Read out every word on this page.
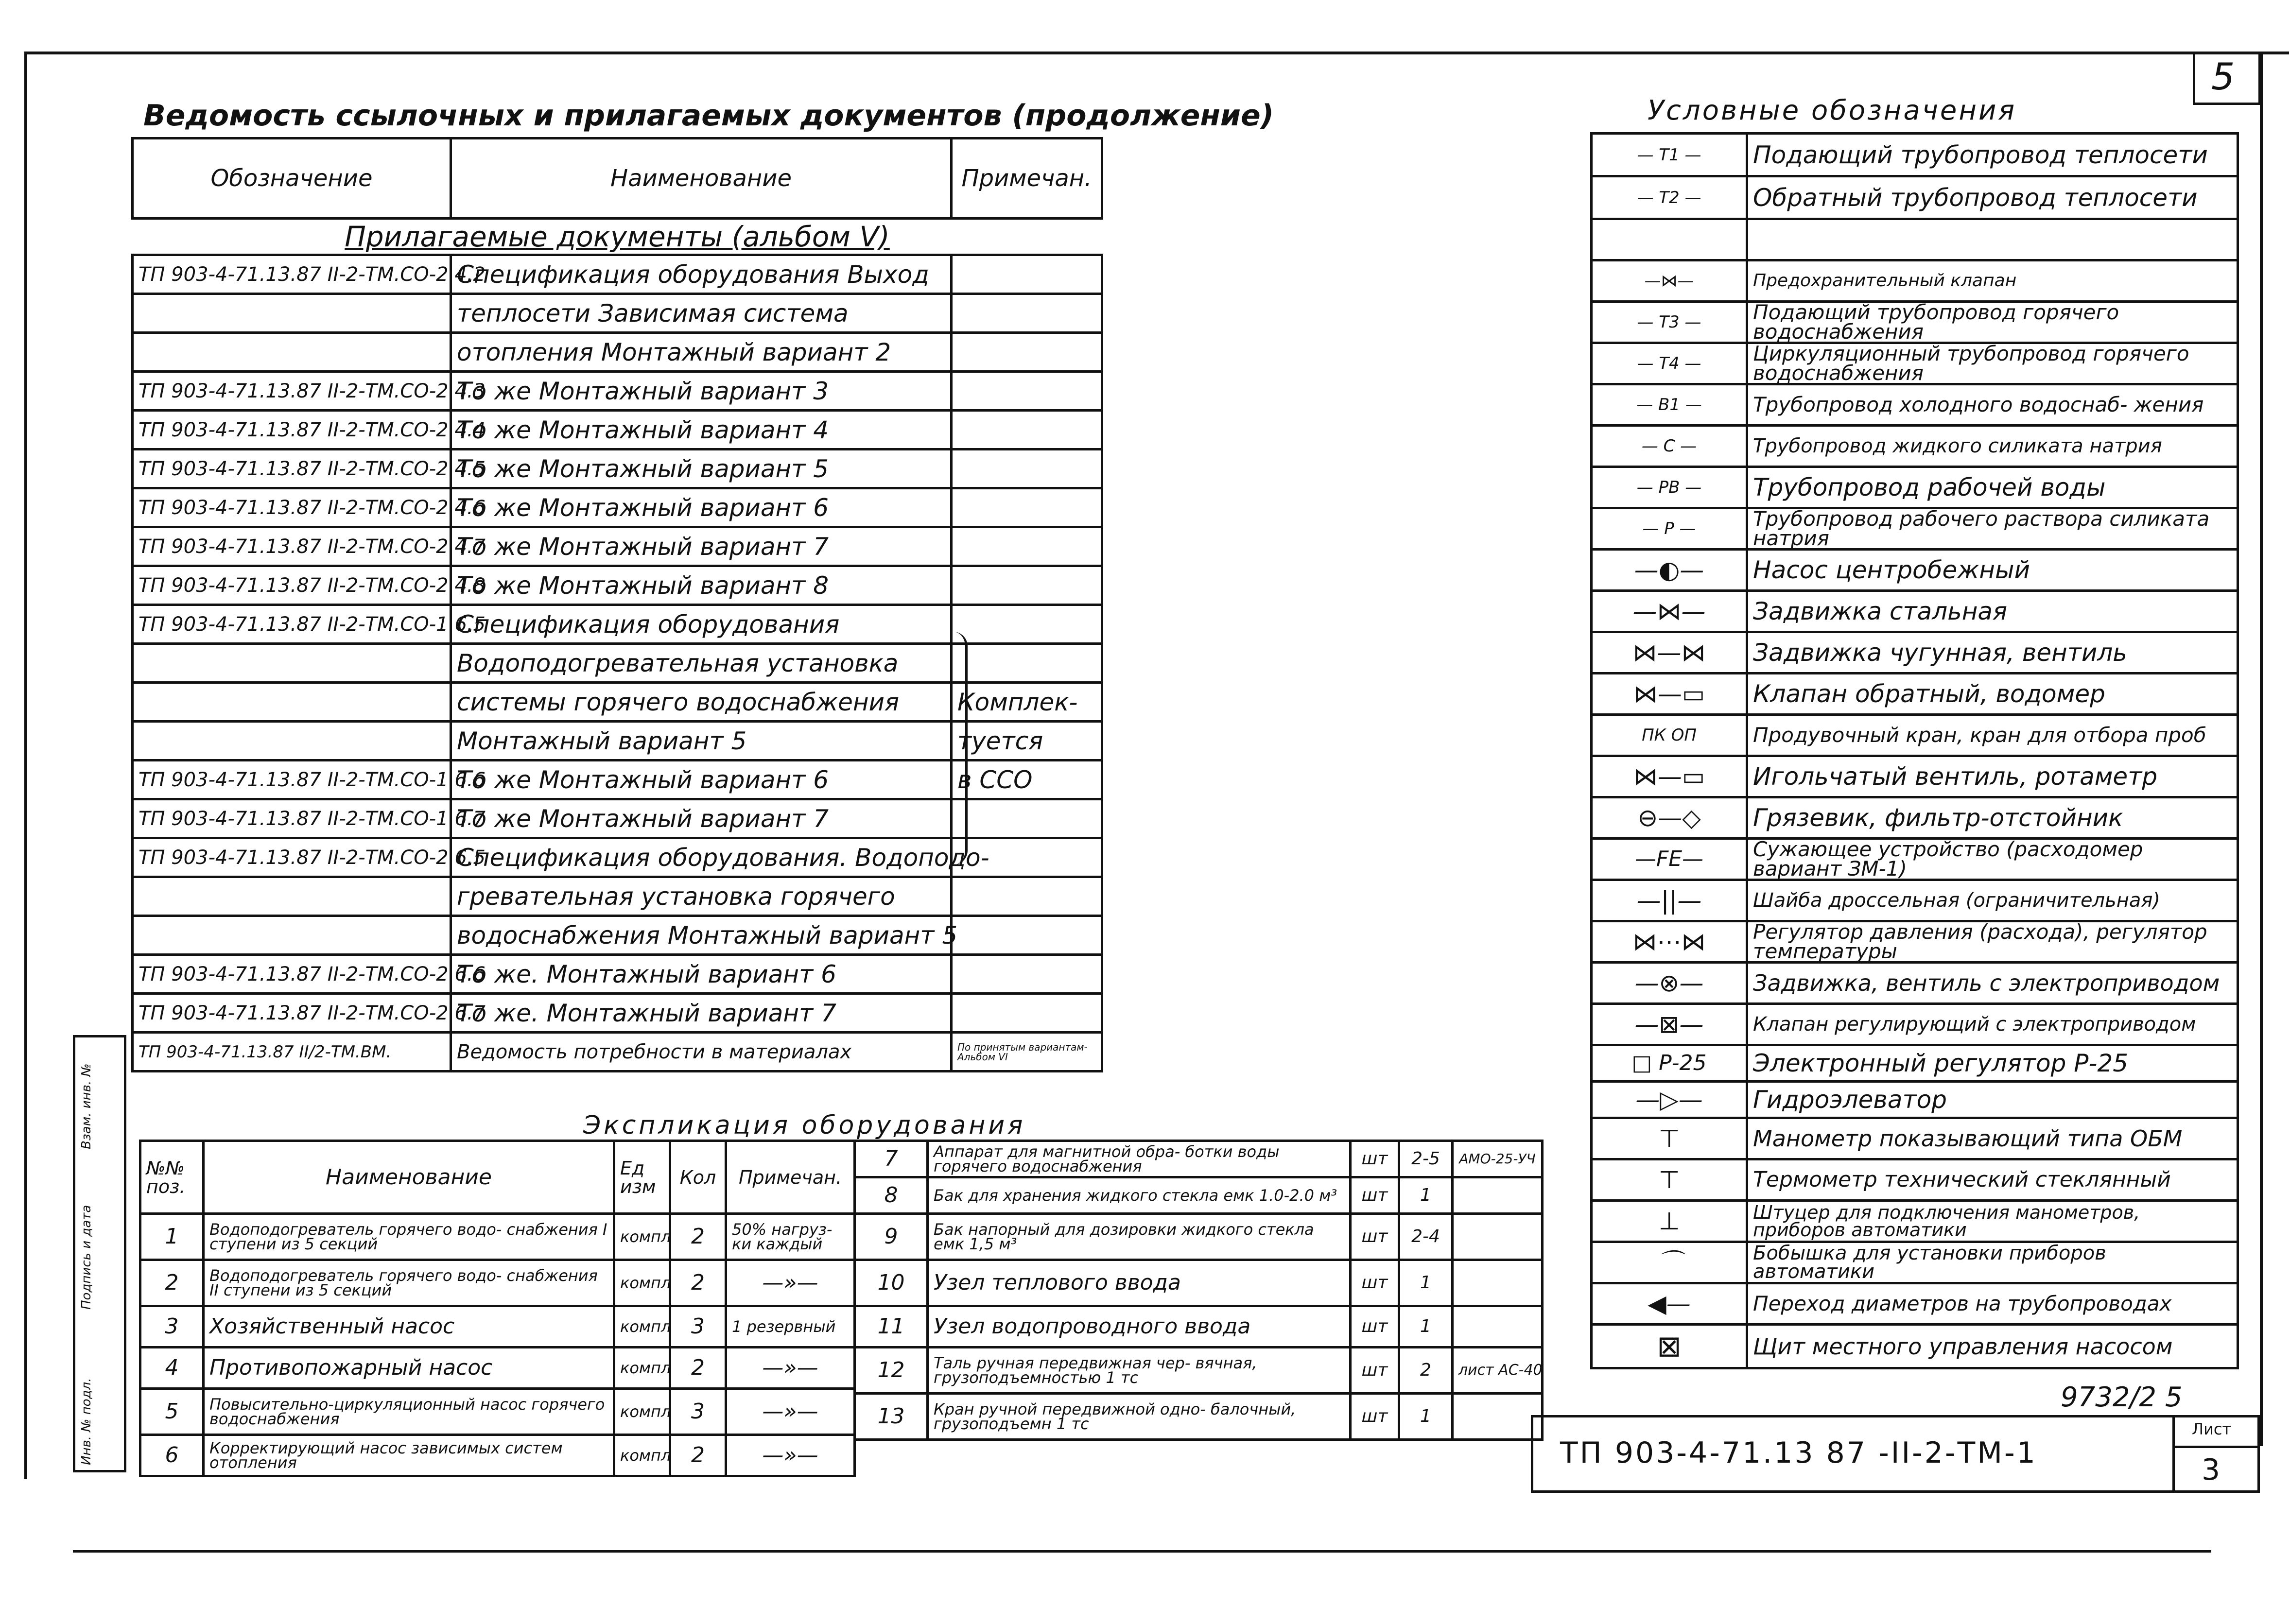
5
Ведомость ссылочных и прилагаемых документов (продолжение)
Обозначение	Наименование	Примечан.
Прилагаемые документы (альбом V)		
ТП 903-4-71.13.87 II-2-ТМ.СО-2.4.2	Спецификация оборудования Выход	
	теплосети Зависимая система	
	отопления Монтажный вариант 2	
ТП 903-4-71.13.87 II-2-ТМ.СО-2.4.3	То же Монтажный вариант 3	
ТП 903-4-71.13.87 II-2-ТМ.СО-2.4.4	То же Монтажный вариант 4	
ТП 903-4-71.13.87 II-2-ТМ.СО-2.4.5	То же Монтажный вариант 5	
ТП 903-4-71.13.87 II-2-ТМ.СО-2.4.6	То же Монтажный вариант 6	
ТП 903-4-71.13.87 II-2-ТМ.СО-2.4.7	То же Монтажный вариант 7	
ТП 903-4-71.13.87 II-2-ТМ.СО-2.4.8	То же Монтажный вариант 8	
ТП 903-4-71.13.87 II-2-ТМ.СО-1.6.5	Спецификация оборудования	
	Водоподогревательная установка	
	системы горячего водоснабжения	Комплек-
	Монтажный вариант 5	туется
ТП 903-4-71.13.87 II-2-ТМ.СО-1.6.6	То же Монтажный вариант 6	в ССО
ТП 903-4-71.13.87 II-2-ТМ.СО-1.6.7	То же Монтажный вариант 7	
ТП 903-4-71.13.87 II-2-ТМ.СО-2.6.5	Спецификация оборудования. Водоподо-	
	гревательная установка горячего	
	водоснабжения Монтажный вариант 5	
ТП 903-4-71.13.87 II-2-ТМ.СО-2.6.6	То же. Монтажный вариант 6	
ТП 903-4-71.13.87 II-2-ТМ.СО-2.6.7	То же. Монтажный вариант 7	
ТП 903-4-71.13.87 II/2-ТМ.ВМ.	Ведомость потребности в материалах	По принятым вариантам-Альбом VI
Условные обозначения
— Т1 —	Подающий трубопровод теплосети
— Т2 —	Обратный трубопровод теплосети

—⋈—	Предохранительный клапан
— Т3 —	Подающий трубопровод горячего водоснабжения
— Т4 —	Циркуляционный трубопровод горячего водоснабжения
— В1 —	Трубопровод холодного водоснаб- жения
— С —	Трубопровод жидкого силиката натрия
— РВ —	Трубопровод рабочей воды
— Р —	Трубопровод рабочего раствора силиката натрия
—◐—	Насос центробежный
—⋈—	Задвижка стальная
⋈—⋈	Задвижка чугунная, вентиль
⋈—▭	Клапан обратный, водомер
ПК ОП	Продувочный кран, кран для отбора проб
⋈—▭	Игольчатый вентиль, ротаметр
⊖—◇	Грязевик, фильтр-отстойник
—FE—	Сужающее устройство (расходомер вариант ЗМ-1)
—||—	Шайба дроссельная (ограничительная)
⋈⋯⋈	Регулятор давления (расхода), регулятор температуры
—⊗—	Задвижка, вентиль с электроприводом
—⊠—	Клапан регулирующий с электроприводом
□ Р-25	Электронный регулятор Р-25
—▷—	Гидроэлеватор
⊤	Манометр показывающий типа ОБМ
⊤	Термометр технический стеклянный
⊥	Штуцер для подключения манометров, приборов автоматики
⌒	Бобышка для установки приборов автоматики
◀—	Переход диаметров на трубопроводах
⊠	Щит местного управления насосом
Экспликация оборудования
№№ поз.	Наименование	Ед изм	Кол	Примечан.
1	Водоподогреватель горячего водо- снабжения I ступени из 5 секций	компл	2	50% нагруз- ки каждый
2	Водоподогреватель горячего водо- снабжения II ступени из 5 секций	компл	2	—»—
3	Хозяйственный насос	компл	3	1 резервный
4	Противопожарный насос	компл	2	—»—
5	Повысительно-циркуляционный насос горячего водоснабжения	компл	3	—»—
6	Корректирующий насос зависимых систем отопления	компл	2	—»—
7	Аппарат для магнитной обра- ботки воды горячего водоснабжения	шт	2-5	АМО-25-УЧ
8	Бак для хранения жидкого стекла емк 1.0-2.0 м³	шт	1	
9	Бак напорный для дозировки жидкого стекла емк 1,5 м³	шт	2-4	
10	Узел теплового ввода	шт	1	
11	Узел водопроводного ввода	шт	1	
12	Таль ручная передвижная чер- вячная, грузоподъемностью 1 тс	шт	2	лист АС-40
13	Кран ручной передвижной одно- балочный, грузоподъемн 1 тс	шт	1	
Взам. инв. №
Подпись и дата
Инв. № подл.	9732/2 5
ТП 903-4-71.13 87 -II-2-ТМ-1
Лист
3
